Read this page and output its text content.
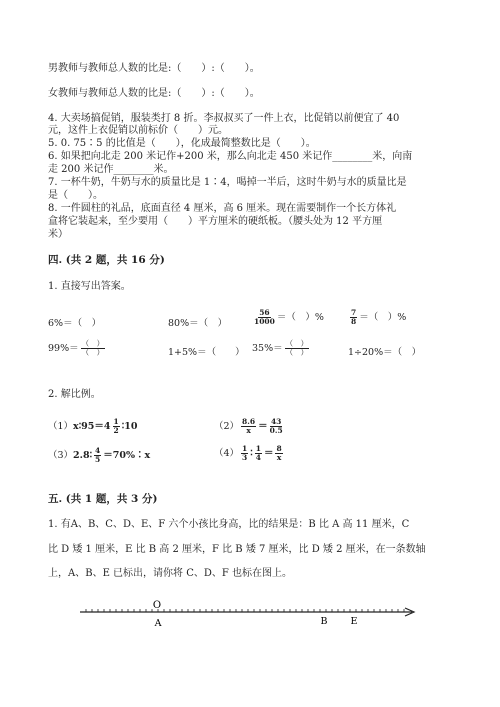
男教师与教师总人数的比是:（　　）:（　　）。
女教师与教师总人数的比是:（　　）:（　　）。
4. 大卖场搞促销，服装类打 8 折。李叔叔买了一件上衣，比促销以前便宜了 40
元，这件上衣促销以前标价（　　）元。
5. 0. 75∶5 的比值是（　　），化成最简整数比是（　　）。
6. 如果把向北走 200 米记作+200 米，那么向北走 450 米记作________米，向南
走 200 米记作________米。
7. 一杯牛奶，牛奶与水的质量比是 1∶4，喝掉一半后，这时牛奶与水的质量比是
是（　　）。
8. 一件圆柱的礼品，底面直径 4 厘米，高 6 厘米。现在需要制作一个长方体礼
盒将它装起来，至少要用（　　）平方厘米的硬纸板。（腰头处为 12 平方厘
米）
四. (共 2 题，共 16 分)
1. 直接写出答案。
6%＝（　）	80%＝（　）	$\frac{56}{1000}$ ＝（　）%	$\frac{7}{8}$ ＝（　）%
$99\%= \frac{( )}{( )}$	1+5%＝（　　） $35\%= \frac{( )}{( )}$	1÷20%＝（　）
2. 解比例。
（1）x∶95＝4 $\frac{1}{2}$ ∶10	$(2) \frac{8.6}{x} = \frac{43}{0.5}$
（3）2.8∶ $\frac{4}{5}$ ＝70%∶x	$(4) \frac{1}{3}$ ∶ $\frac{1}{4} = \frac{8}{x}$
五. (共 1 题，共 3 分)
1. 有A、B、C、D、E、F 六个小孩比身高，比的结果是：B 比 A 高 11 厘米，C
比 D 矮 1 厘米，E 比 B 高 2 厘米，F 比 B 矮 7 厘米，比 D 矮 2 厘米，在一条数轴
上，A、B、E 已标出，请你将 C、D、F 也标在图上。
O
A	B E
